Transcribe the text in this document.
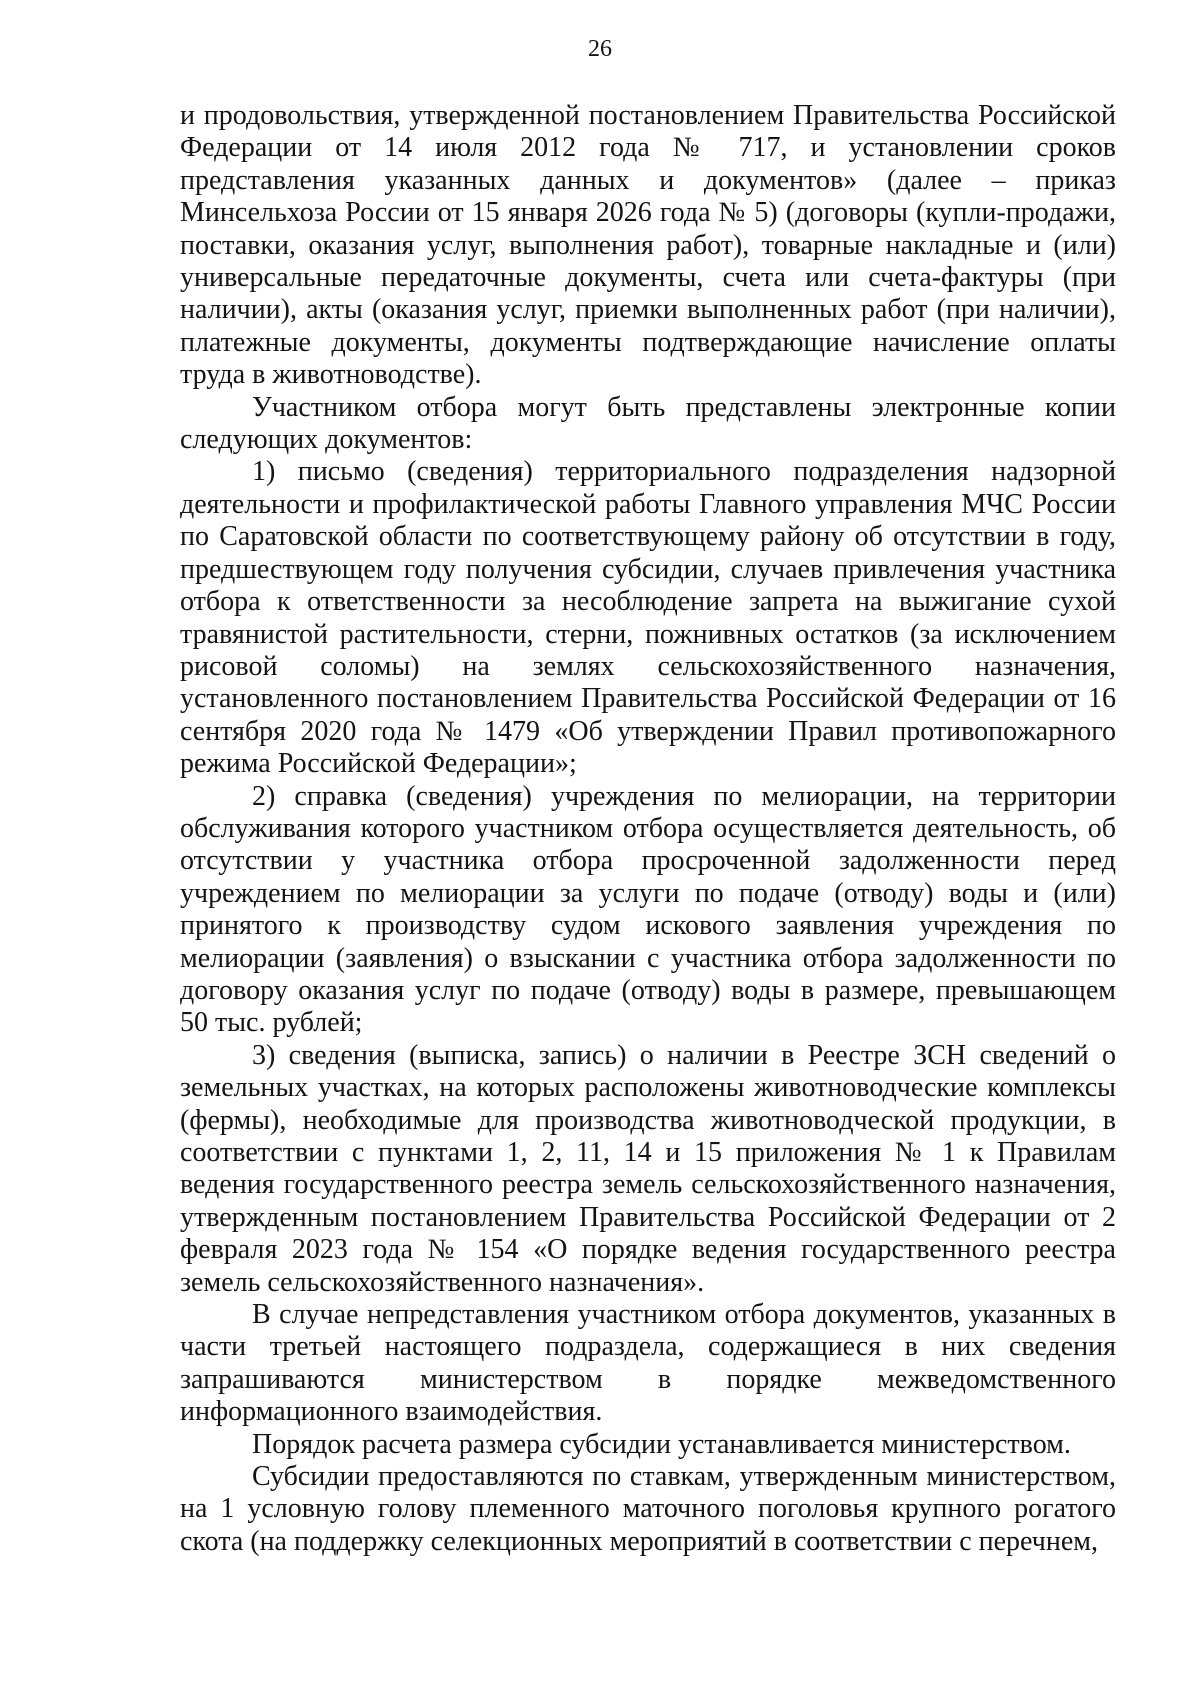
26

и продовольствия, утвержденной постановлением Правительства Российской Федерации от 14 июля 2012 года № 717, и установлении сроков представления указанных данных и документов» (далее – приказ Минсельхоза России от 15 января 2026 года № 5) (договоры (купли-продажи, поставки, оказания услуг, выполнения работ), товарные накладные и (или) универсальные передаточные документы, счета или счета-фактуры (при наличии), акты (оказания услуг, приемки выполненных работ (при наличии), платежные документы, документы подтверждающие начисление оплаты труда в животноводстве).

Участником отбора могут быть представлены электронные копии следующих документов:

1) письмо (сведения) территориального подразделения надзорной деятельности и профилактической работы Главного управления МЧС России по Саратовской области по соответствующему району об отсутствии в году, предшествующем году получения субсидии, случаев привлечения участника отбора к ответственности за несоблюдение запрета на выжигание сухой травянистой растительности, стерни, пожнивных остатков (за исключением рисовой соломы) на землях сельскохозяйственного назначения, установленного постановлением Правительства Российской Федерации от 16 сентября 2020 года № 1479 «Об утверждении Правил противопожарного режима Российской Федерации»;

2) справка (сведения) учреждения по мелиорации, на территории обслуживания которого участником отбора осуществляется деятельность, об отсутствии у участника отбора просроченной задолженности перед учреждением по мелиорации за услуги по подаче (отводу) воды и (или) принятого к производству судом искового заявления учреждения по мелиорации (заявления) о взыскании с участника отбора задолженности по договору оказания услуг по подаче (отводу) воды в размере, превышающем 50 тыс. рублей;

3) сведения (выписка, запись) о наличии в Реестре ЗСН сведений о земельных участках, на которых расположены животноводческие комплексы (фермы), необходимые для производства животноводческой продукции, в соответствии с пунктами 1, 2, 11, 14 и 15 приложения № 1 к Правилам ведения государственного реестра земель сельскохозяйственного назначения, утвержденным постановлением Правительства Российской Федерации от 2 февраля 2023 года № 154 «О порядке ведения государственного реестра земель сельскохозяйственного назначения».

В случае непредставления участником отбора документов, указанных в части третьей настоящего подраздела, содержащиеся в них сведения запрашиваются министерством в порядке межведомственного информационного взаимодействия.

Порядок расчета размера субсидии устанавливается министерством.

Субсидии предоставляются по ставкам, утвержденным министерством, на 1 условную голову племенного маточного поголовья крупного рогатого скота (на поддержку селекционных мероприятий в соответствии с перечнем,
